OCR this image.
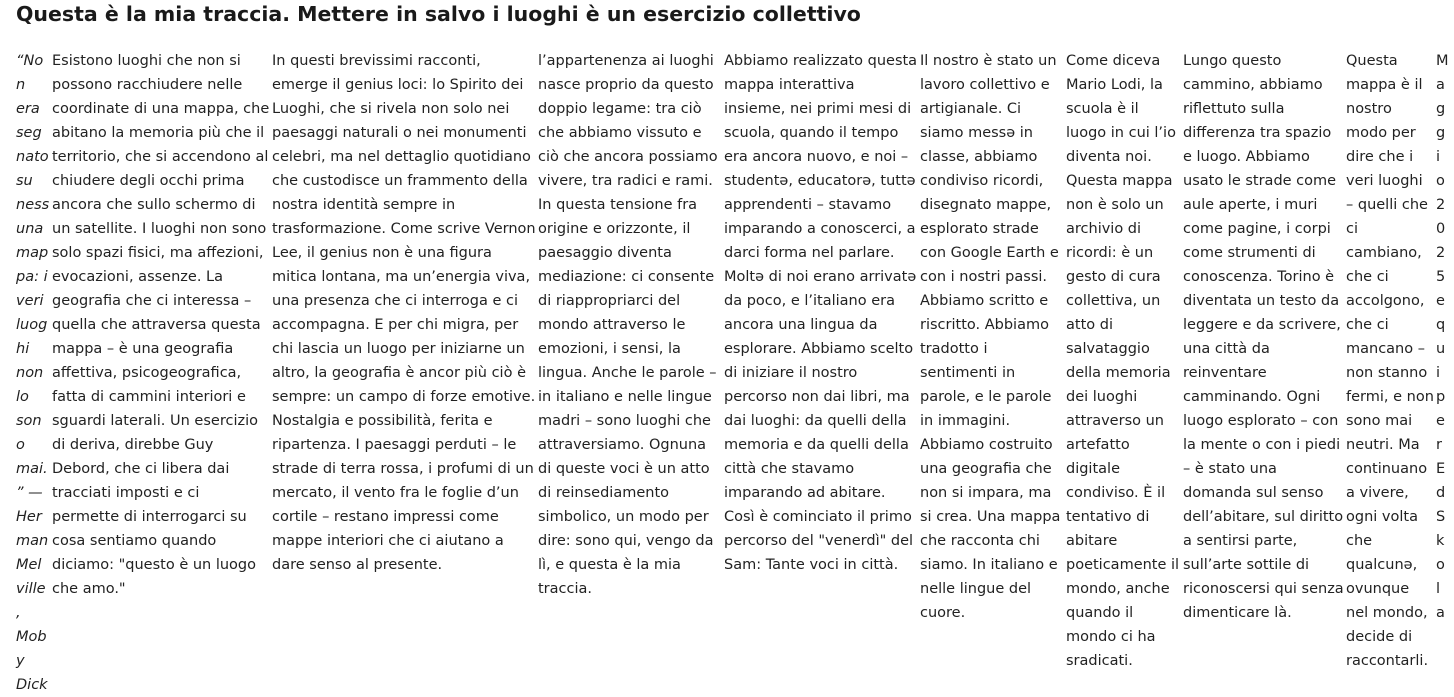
Questa è la mia traccia. Mettere in salvo i luoghi è un esercizio collettivo

“Non era segnato su nessuna mappa: i veri luoghi non lo sono mai.” — Herman Melville, Moby Dick

Esistono luoghi che non si possono racchiudere nelle coordinate di una mappa, che abitano la memoria più che il territorio, che si accendono al chiudere degli occhi prima ancora che sullo schermo di un satellite. I luoghi non sono solo spazi fisici, ma affezioni, evocazioni, assenze. La geografia che ci interessa – quella che attraversa questa mappa – è una geografia affettiva, psicogeografica, fatta di cammini interiori e sguardi laterali. Un esercizio di deriva, direbbe Guy Debord, che ci libera dai tracciati imposti e ci permette di interrogarci su cosa sentiamo quando diciamo: "questo è un luogo che amo."

In questi brevissimi racconti, emerge il genius loci: lo Spirito dei Luoghi, che si rivela non solo nei paesaggi naturali o nei monumenti celebri, ma nel dettaglio quotidiano che custodisce un frammento della nostra identità sempre in trasformazione. Come scrive Vernon Lee, il genius non è una figura mitica lontana, ma un’energia viva, una presenza che ci interroga e ci accompagna. E per chi migra, per chi lascia un luogo per iniziarne un altro, la geografia è ancor più ciò è sempre: un campo di forze emotive. Nostalgia e possibilità, ferita e ripartenza. I paesaggi perduti – le strade di terra rossa, i profumi di un mercato, il vento fra le foglie d’un cortile – restano impressi come mappe interiori che ci aiutano a dare senso al presente.

l’appartenenza ai luoghi nasce proprio da questo doppio legame: tra ciò che abbiamo vissuto e ciò che ancora possiamo vivere, tra radici e rami. In questa tensione fra origine e orizzonte, il paesaggio diventa mediazione: ci consente di riappropriarci del mondo attraverso le emozioni, i sensi, la lingua. Anche le parole – in italiano e nelle lingue madri – sono luoghi che attraversiamo. Ognuna di queste voci è un atto di reinsediamento simbolico, un modo per dire: sono qui, vengo da lì, e questa è la mia traccia.

Abbiamo realizzato questa mappa interattiva insieme, nei primi mesi di scuola, quando il tempo era ancora nuovo, e noi – studentə, educatorə, tuttə apprendenti – stavamo imparando a conoscerci, a darci forma nel parlare. Moltə di noi erano arrivatə da poco, e l’italiano era ancora una lingua da esplorare. Abbiamo scelto di iniziare il nostro percorso non dai libri, ma dai luoghi: da quelli della memoria e da quelli della città che stavamo imparando ad abitare. Così è cominciato il primo percorso del "venerdì" del Sam: Tante voci in città.

Il nostro è stato un lavoro collettivo e artigianale. Ci siamo messə in classe, abbiamo condiviso ricordi, disegnato mappe, esplorato strade con Google Earth e con i nostri passi. Abbiamo scritto e riscritto. Abbiamo tradotto i sentimenti in parole, e le parole in immagini. Abbiamo costruito una geografia che non si impara, ma si crea. Una mappa che racconta chi siamo. In italiano e nelle lingue del cuore.

Come diceva Mario Lodi, la scuola è il luogo in cui l’io diventa noi. Questa mappa non è solo un archivio di ricordi: è un gesto di cura collettiva, un atto di salvataggio della memoria dei luoghi attraverso un artefatto digitale condiviso. È il tentativo di abitare poeticamente il mondo, anche quando il mondo ci ha sradicati.

Lungo questo cammino, abbiamo riflettuto sulla differenza tra spazio e luogo. Abbiamo usato le strade come aule aperte, i muri come pagine, i corpi come strumenti di conoscenza. Torino è diventata un testo da leggere e da scrivere, una città da reinventare camminando. Ogni luogo esplorato – con la mente o con i piedi – è stato una domanda sul senso dell’abitare, sul diritto a sentirsi parte, sull’arte sottile di riconoscersi qui senza dimenticare là.

Questa mappa è il nostro modo per dire che i veri luoghi – quelli che ci cambiano, che ci accolgono, che ci mancano – non stanno fermi, e non sono mai neutri. Ma continuano a vivere, ogni volta che qualcunə, ovunque nel mondo, decide di raccontarli.

Maggio 2025 e qui per Ed Skola
